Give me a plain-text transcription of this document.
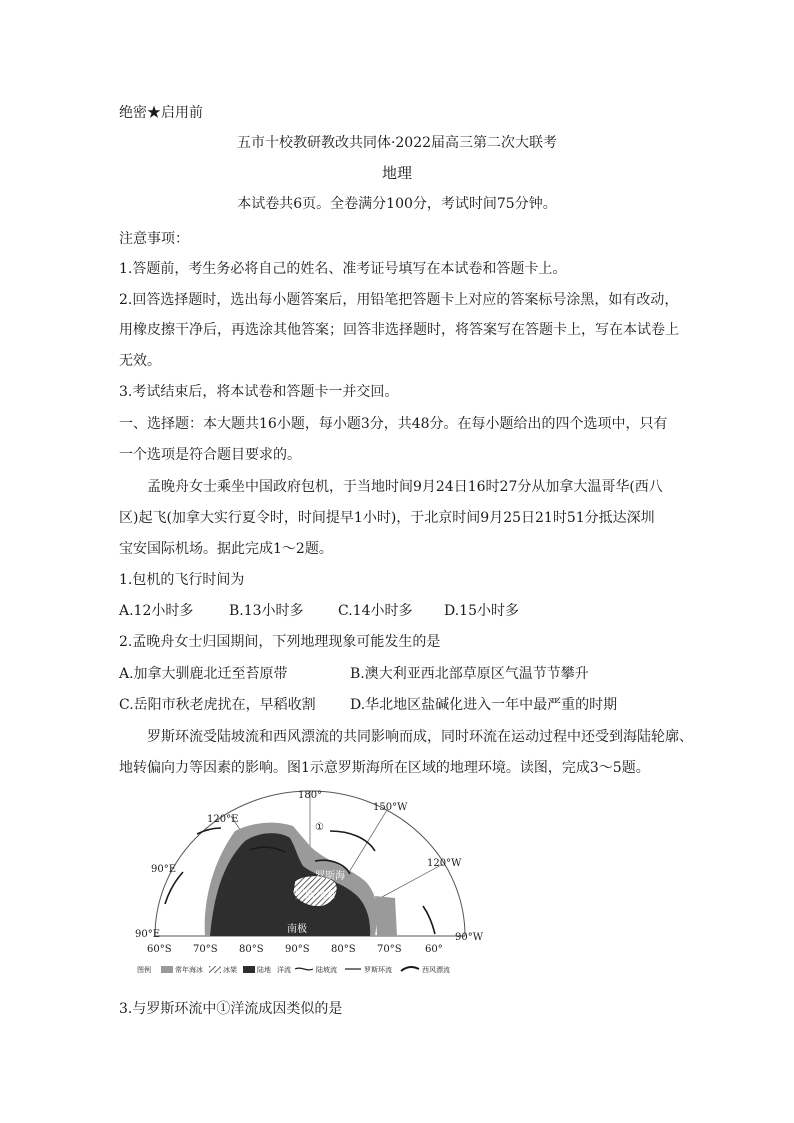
绝密★启用前
五市十校教研教改共同体·2022届高三第二次大联考
地理
本试卷共6页。全卷满分100分，考试时间75分钟。
注意事项：
1.答题前，考生务必将自己的姓名、准考证号填写在本试卷和答题卡上。
2.回答选择题时，选出每小题答案后，用铅笔把答题卡上对应的答案标号涂黑，如有改动，
用橡皮擦干净后，再选涂其他答案；回答非选择题时，将答案写在答题卡上，写在本试卷上
无效。
3.考试结束后，将本试卷和答题卡一并交回。
一、选择题：本大题共16小题，每小题3分，共48分。在每小题给出的四个选项中，只有
一个选项是符合题目要求的。
孟晚舟女士乘坐中国政府包机，于当地时间9月24日16时27分从加拿大温哥华(西八
区)起飞(加拿大实行夏令时，时间提早1小时)，于北京时间9月25日21时51分抵达深圳
宝安国际机场。据此完成1～2题。
1.包机的飞行时间为
A.12小时多	B.13小时多 C.14小时多 D.15小时多
2.孟晚舟女士归国期间，下列地理现象可能发生的是
A.加拿大驯鹿北迁至苔原带	B.澳大利亚西北部草原区气温节节攀升
C.岳阳市秋老虎扰在，早稻收割 D.华北地区盐碱化进入一年中最严重的时期
罗斯环流受陆坡流和西风漂流的共同影响而成，同时环流在运动过程中还受到海陆轮廓、
地转偏向力等因素的影响。图1示意罗斯海所在区域的地理环境。读图，完成3～5题。
180°
150°W
120°W
90°W
90°E
90°E
120°E
①
罗斯海
罗斯冰架
南极
60°S 70°S 80°S 90°S 80°S 70°S 60°
图例	常年海冰	冰架	陆地 洋流	陆坡流	罗斯环流	西风漂流
3.与罗斯环流中①洋流成因类似的是
